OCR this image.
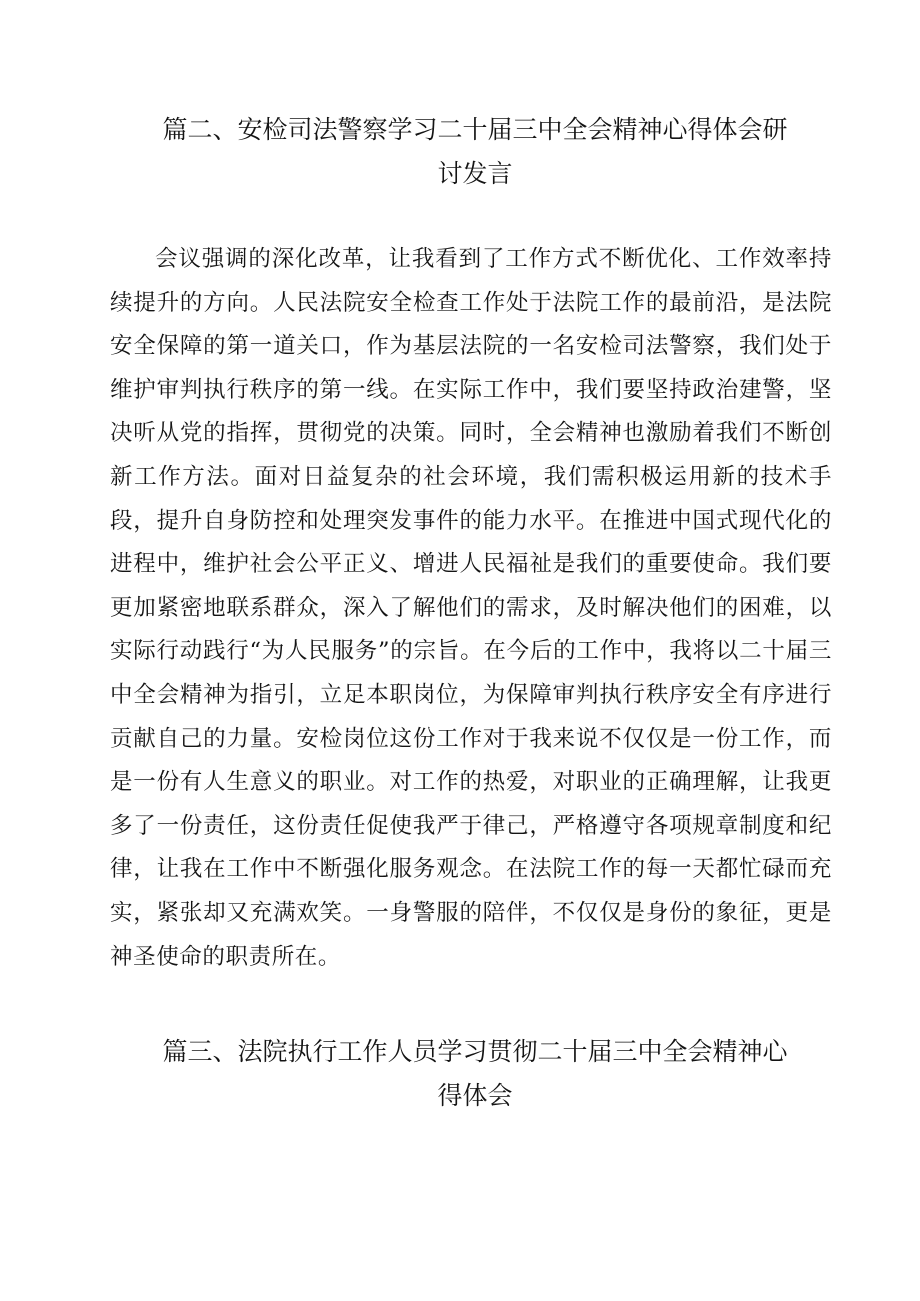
篇二、安检司法警察学习二十届三中全会精神心得体会研
讨发言

会议强调的深化改革，让我看到了工作方式不断优化、工作效率持续提升的方向。人民法院安全检查工作处于法院工作的最前沿，是法院安全保障的第一道关口，作为基层法院的一名安检司法警察，我们处于维护审判执行秩序的第一线。在实际工作中，我们要坚持政治建警，坚决听从党的指挥，贯彻党的决策。同时，全会精神也激励着我们不断创新工作方法。面对日益复杂的社会环境，我们需积极运用新的技术手段，提升自身防控和处理突发事件的能力水平。在推进中国式现代化的进程中，维护社会公平正义、增进人民福祉是我们的重要使命。我们要更加紧密地联系群众，深入了解他们的需求，及时解决他们的困难，以实际行动践行“为人民服务”的宗旨。在今后的工作中，我将以二十届三中全会精神为指引，立足本职岗位，为保障审判执行秩序安全有序进行贡献自己的力量。安检岗位这份工作对于我来说不仅仅是一份工作，而是一份有人生意义的职业。对工作的热爱，对职业的正确理解，让我更多了一份责任，这份责任促使我严于律己，严格遵守各项规章制度和纪律，让我在工作中不断强化服务观念。在法院工作的每一天都忙碌而充实，紧张却又充满欢笑。一身警服的陪伴，不仅仅是身份的象征，更是神圣使命的职责所在。

篇三、法院执行工作人员学习贯彻二十届三中全会精神心
得体会
